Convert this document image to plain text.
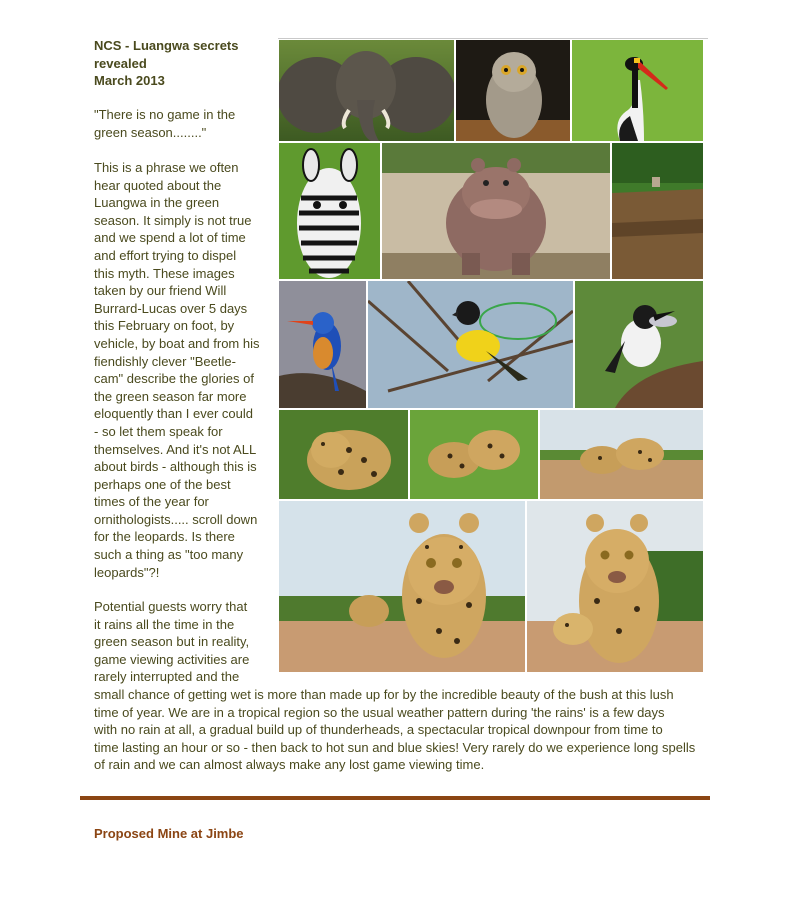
NCS - Luangwa secrets
revealed
March 2013

"There is no game in the

green season........"

This is a phrase we often

hear quoted about the

Luangwa in the green

season. It simply is not true

and we spend a lot of time

and effort trying to dispel

this myth. These images

taken by our friend Will

Burrard-Lucas over 5 days

this February on foot, by

vehicle, by boat and from his

fiendishly clever "Beetle-

cam" describe the glories of

the green season far more

eloquently than I ever could

- so let them speak for

themselves. And it's not ALL

about birds - although this is

perhaps one of the best

times of the year for

ornithologists..... scroll down

for the leopards. Is there

such a thing as "too many

leopards"?!

Potential guests worry that

it rains all the time in the

green season but in reality,

game viewing activities are

rarely interrupted and the

small chance of getting wet is more than made up for by the incredible beauty of the bush at this lush

time of year. We are in a tropical region so the usual weather pattern during 'the rains' is a few days

with no rain at all, a gradual build up of thunderheads, a spectacular tropical downpour from time to

time lasting an hour or so - then back to hot sun and blue skies! Very rarely do we experience long spells

of rain and we can almost always make any lost game viewing time.

Proposed Mine at Jimbe
